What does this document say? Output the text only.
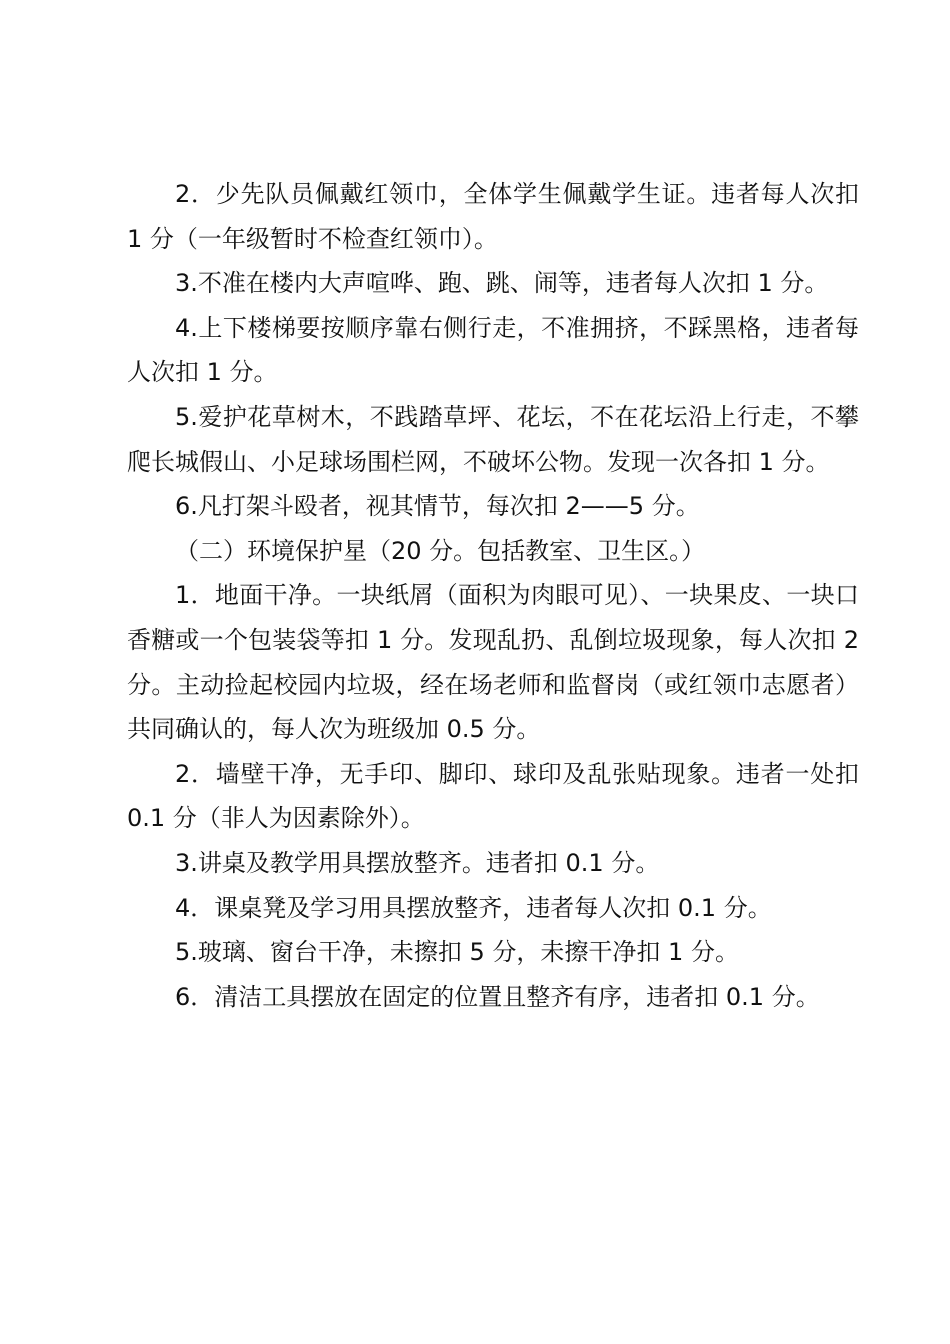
2．少先队员佩戴红领巾，全体学生佩戴学生证。违者每人次扣 1 分（一年级暂时不检查红领巾）。

3.不准在楼内大声喧哗、跑、跳、闹等，违者每人次扣 1 分。

4.上下楼梯要按顺序靠右侧行走，不准拥挤，不踩黑格，违者每人次扣 1 分。

5.爱护花草树木，不践踏草坪、花坛，不在花坛沿上行走，不攀爬长城假山、小足球场围栏网，不破坏公物。发现一次各扣 1 分。

6.凡打架斗殴者，视其情节，每次扣 2——5 分。

（二）环境保护星（20 分。包括教室、卫生区。）

1．地面干净。一块纸屑（面积为肉眼可见）、一块果皮、一块口香糖或一个包装袋等扣 1 分。发现乱扔、乱倒垃圾现象，每人次扣 2 分。主动捡起校园内垃圾，经在场老师和监督岗（或红领巾志愿者）共同确认的，每人次为班级加 0.5 分。

2．墙壁干净，无手印、脚印、球印及乱张贴现象。违者一处扣 0.1 分（非人为因素除外）。

3.讲桌及教学用具摆放整齐。违者扣 0.1 分。

4．课桌凳及学习用具摆放整齐，违者每人次扣 0.1 分。

5.玻璃、窗台干净，未擦扣 5 分，未擦干净扣 1 分。

6．清洁工具摆放在固定的位置且整齐有序，违者扣 0.1 分。
